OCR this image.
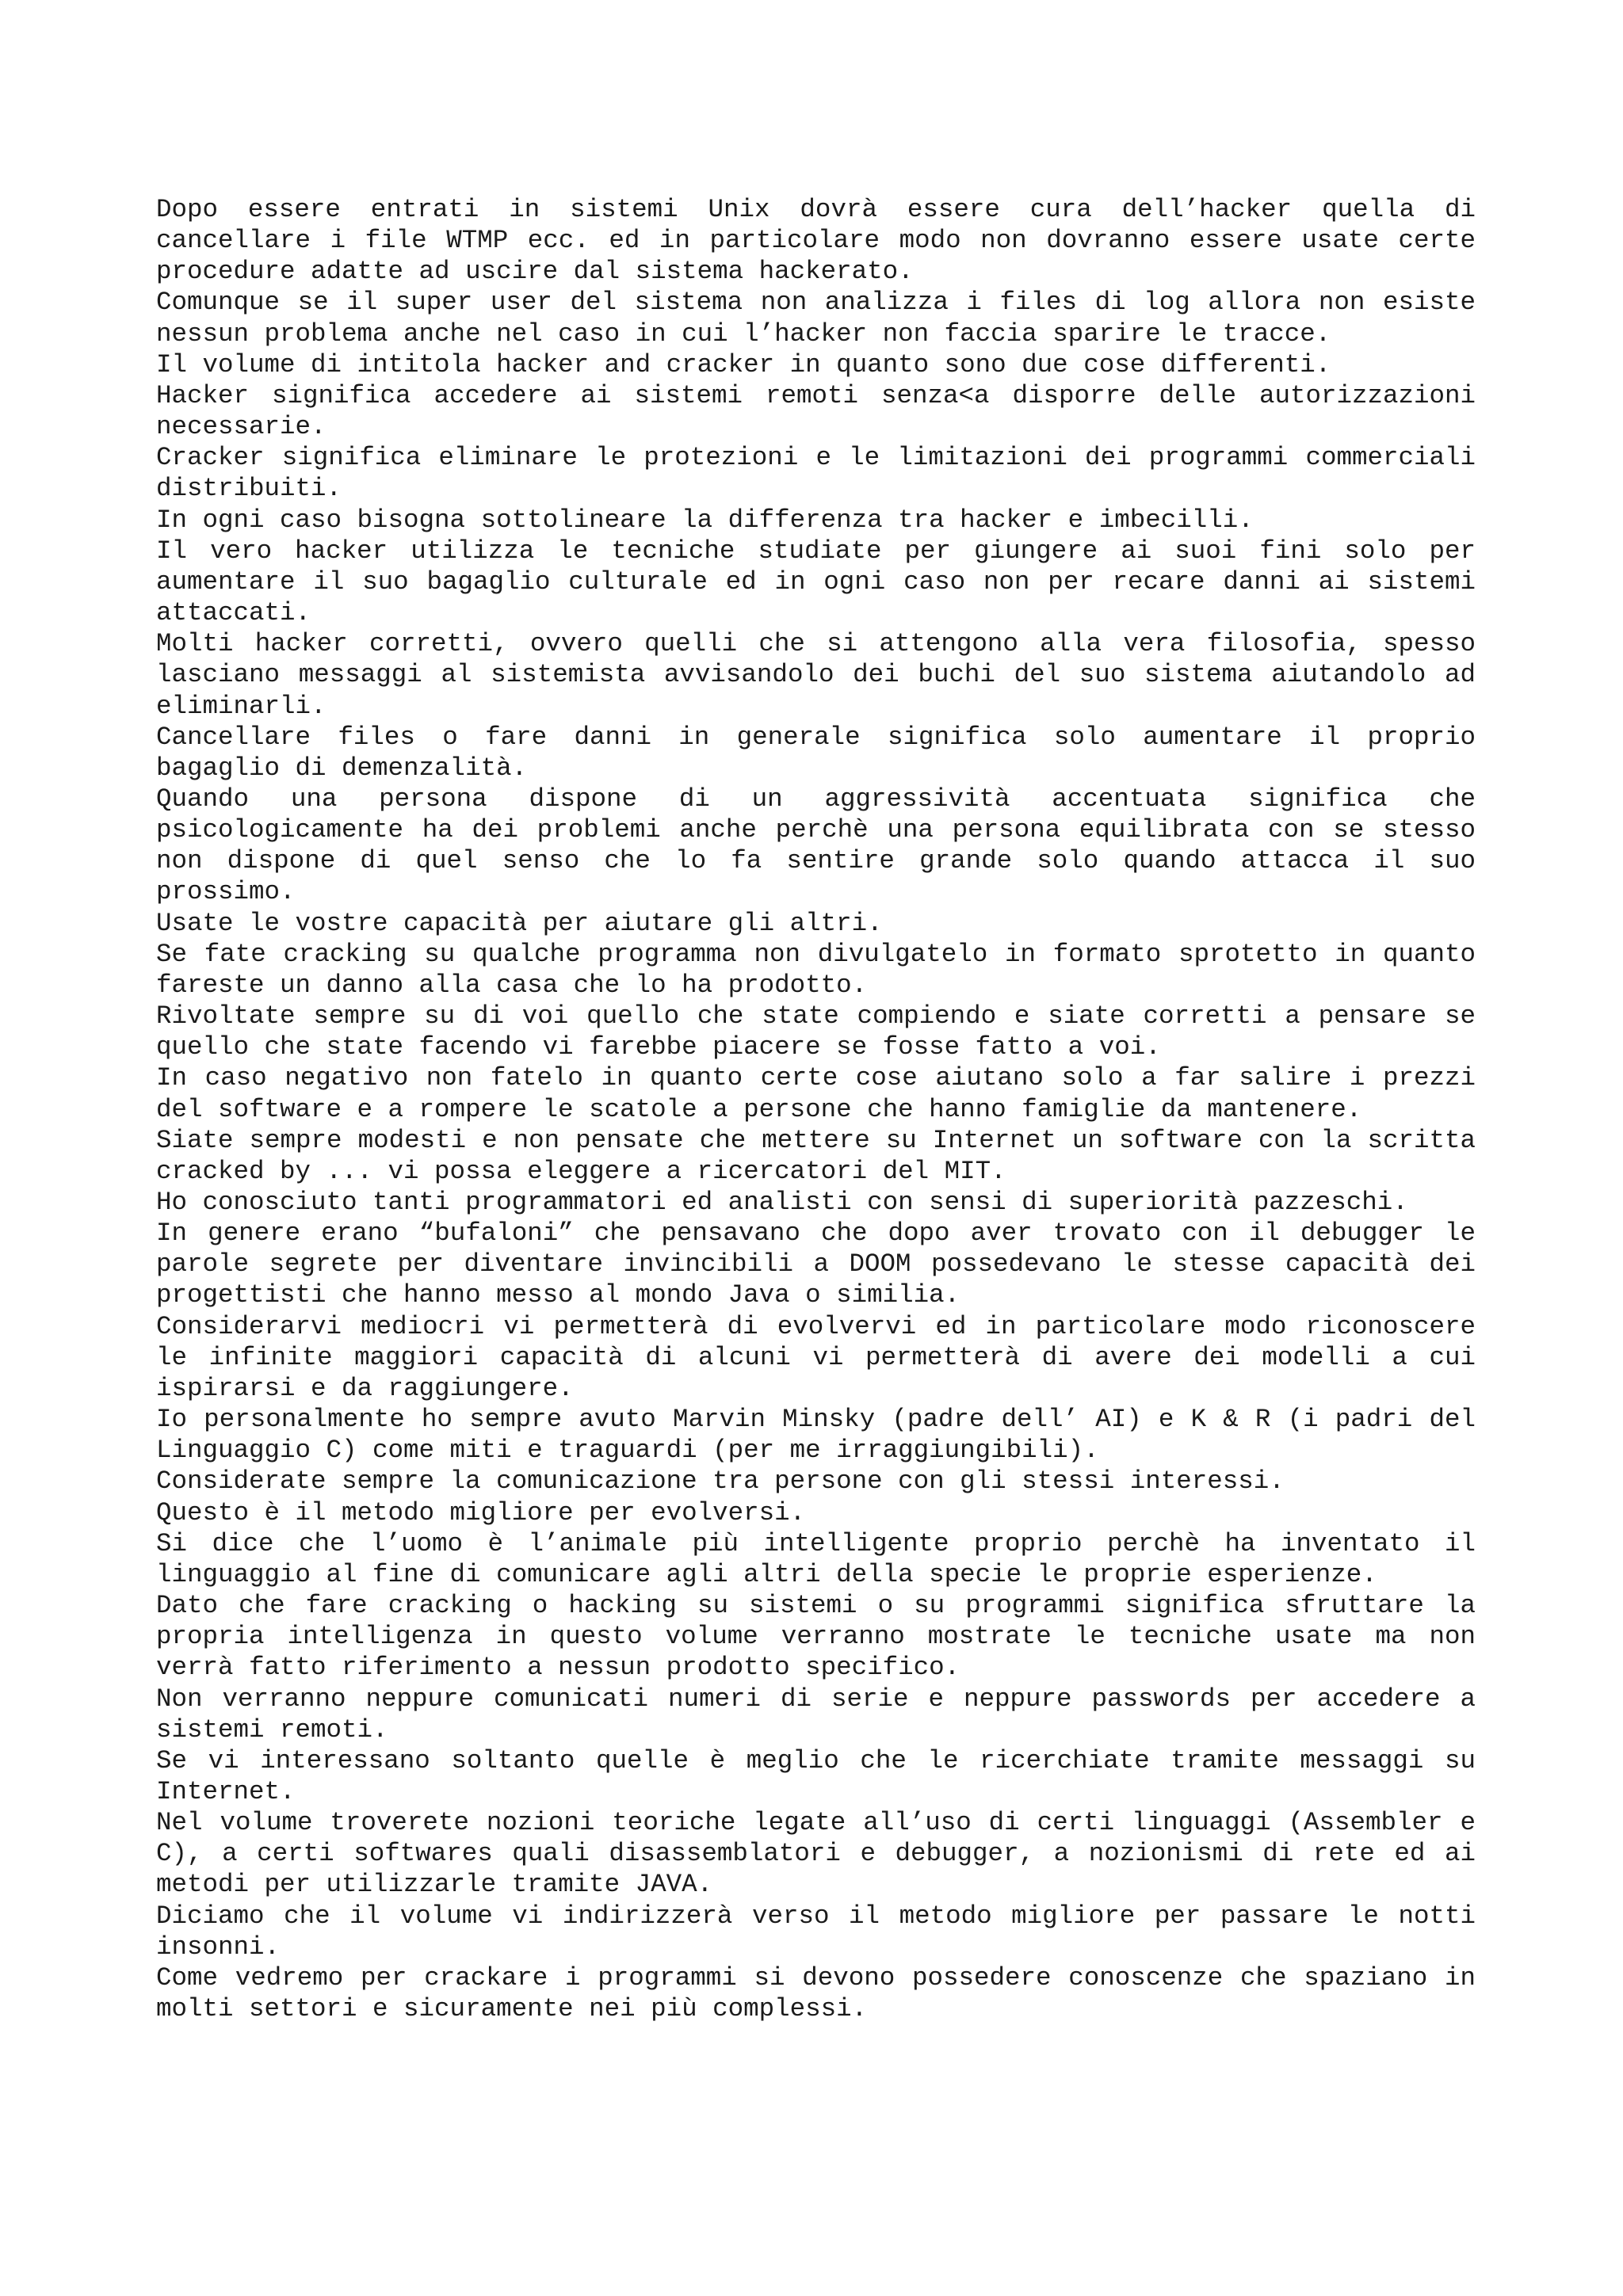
Dopo essere entrati in sistemi Unix dovrà essere cura dell’hacker quella di cancellare i file WTMP ecc. ed in particolare modo non dovranno essere usate certe procedure adatte ad uscire dal sistema hackerato.

Comunque se il super user del sistema non analizza i files di log allora non esiste nessun problema anche nel caso in cui l’hacker non faccia sparire le tracce.

Il volume di intitola hacker and cracker in quanto sono due cose differenti.

Hacker significa accedere ai sistemi remoti senza<a disporre delle autorizzazioni necessarie.

Cracker significa eliminare le protezioni e le limitazioni dei programmi commerciali distribuiti.

In ogni caso bisogna sottolineare la differenza tra hacker e imbecilli.

Il vero hacker utilizza le tecniche studiate per giungere ai suoi fini solo per aumentare il suo bagaglio culturale ed in ogni caso non per recare danni ai sistemi attaccati.

Molti hacker corretti, ovvero quelli che si attengono alla vera filosofia, spesso lasciano messaggi al sistemista avvisandolo dei buchi del suo sistema aiutandolo ad eliminarli.

Cancellare files o fare danni in generale significa solo aumentare il proprio bagaglio di demenzalità.

Quando una persona dispone di un aggressività accentuata significa che psicologicamente ha dei problemi anche perchè una persona equilibrata con se stesso non dispone di quel senso che lo fa sentire grande solo quando attacca il suo prossimo.

Usate le vostre capacità per aiutare gli altri.

Se fate cracking su qualche programma non divulgatelo in formato sprotetto in quanto fareste un danno alla casa che lo ha prodotto.

Rivoltate sempre su di voi quello che state compiendo e siate corretti a pensare se quello che state facendo vi farebbe piacere se fosse fatto a voi.

In caso negativo non fatelo in quanto certe cose aiutano solo a far salire i prezzi del software e a rompere le scatole a persone che hanno famiglie da mantenere.

Siate sempre modesti e non pensate che mettere su Internet un software con la scritta cracked by ... vi possa eleggere a ricercatori del MIT.

Ho conosciuto tanti programmatori ed analisti con sensi di superiorità pazzeschi.

In genere erano “bufaloni” che pensavano che dopo aver trovato con il debugger le parole segrete per diventare invincibili a DOOM possedevano le stesse capacità dei progettisti che hanno messo al mondo Java o similia.

Considerarvi mediocri vi permetterà di evolvervi ed in particolare modo riconoscere le infinite maggiori capacità di alcuni vi permetterà di avere dei modelli a cui ispirarsi e da raggiungere.

Io personalmente ho sempre avuto Marvin Minsky (padre dell’ AI) e K & R (i padri del Linguaggio C) come miti e traguardi (per me irraggiungibili).

Considerate sempre la comunicazione tra persone con gli stessi interessi.

Questo è il metodo migliore per evolversi.

Si dice che l’uomo è l’animale più intelligente proprio perchè ha inventato il linguaggio al fine di comunicare agli altri della specie le proprie esperienze.

Dato che fare cracking o hacking su sistemi o su programmi significa sfruttare la propria intelligenza in questo volume verranno mostrate le tecniche usate ma non verrà fatto riferimento a nessun prodotto specifico.

Non verranno neppure comunicati numeri di serie e neppure passwords per accedere a sistemi remoti.

Se vi interessano soltanto quelle è meglio che le ricerchiate tramite messaggi su Internet.

Nel volume troverete nozioni teoriche legate all’uso di certi linguaggi (Assembler e C), a certi softwares quali disassemblatori e debugger, a nozionismi di rete ed ai metodi per utilizzarle tramite JAVA.

Diciamo che il volume vi indirizzerà verso il metodo migliore per passare le notti insonni.

Come vedremo per crackare i programmi si devono possedere conoscenze che spaziano in molti settori e sicuramente nei più complessi.
